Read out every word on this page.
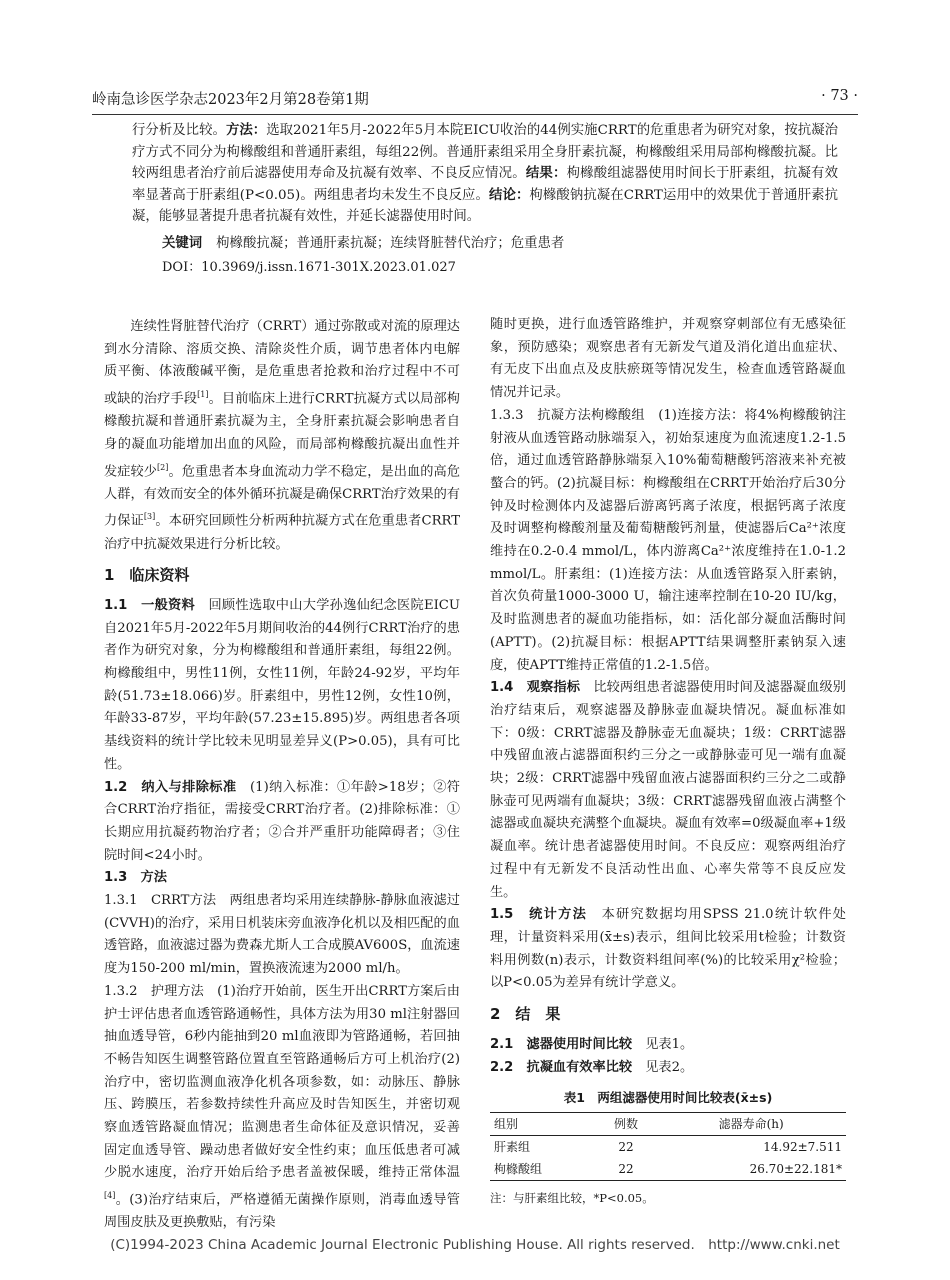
岭南急诊医学杂志2023年2月第28卷第1期	· 73 ·

行分析及比较。方法：选取2021年5月-2022年5月本院EICU收治的44例实施CRRT的危重患者为研究对象，按抗凝治疗方式不同分为枸橼酸组和普通肝素组，每组22例。普通肝素组采用全身肝素抗凝，枸橼酸组采用局部枸橼酸抗凝。比较两组患者治疗前后滤器使用寿命及抗凝有效率、不良反应情况。结果：枸橼酸组滤器使用时间长于肝素组，抗凝有效率显著高于肝素组(P<0.05)。两组患者均未发生不良反应。结论：枸橼酸钠抗凝在CRRT运用中的效果优于普通肝素抗凝，能够显著提升患者抗凝有效性，并延长滤器使用时间。

关键词 枸橼酸抗凝；普通肝素抗凝；连续肾脏替代治疗；危重患者
DOI：10.3969/j.issn.1671-301X.2023.01.027

连续性肾脏替代治疗（CRRT）通过弥散或对流的原理达到水分清除、溶质交换、清除炎性介质，调节患者体内电解质平衡、体液酸碱平衡，是危重患者抢救和治疗过程中不可或缺的治疗手段[1]。目前临床上进行CRRT抗凝方式以局部枸橼酸抗凝和普通肝素抗凝为主，全身肝素抗凝会影响患者自身的凝血功能增加出血的风险，而局部枸橼酸抗凝出血性并发症较少[2]。危重患者本身血流动力学不稳定，是出血的高危人群，有效而安全的体外循环抗凝是确保CRRT治疗效果的有力保证[3]。本研究回顾性分析两种抗凝方式在危重患者CRRT治疗中抗凝效果进行分析比较。

1　临床资料

1.1　一般资料　回顾性选取中山大学孙逸仙纪念医院EICU自2021年5月-2022年5月期间收治的44例行CRRT治疗的患者作为研究对象，分为枸橼酸组和普通肝素组，每组22例。枸橼酸组中，男性11例，女性11例，年龄24-92岁，平均年龄(51.73±18.066)岁。肝素组中，男性12例，女性10例，年龄33-87岁，平均年龄(57.23±15.895)岁。两组患者各项基线资料的统计学比较未见明显差异义(P>0.05)，具有可比性。

1.2　纳入与排除标准　(1)纳入标准：①年龄>18岁；②符合CRRT治疗指征，需接受CRRT治疗者。(2)排除标准：①长期应用抗凝药物治疗者；②合并严重肝功能障碍者；③住院时间<24小时。

1.3　方法

1.3.1　CRRT方法　两组患者均采用连续静脉-静脉血液滤过(CVVH)的治疗，采用日机装床旁血液净化机以及相匹配的血透管路，血液滤过器为费森尤斯人工合成膜AV600S，血流速度为150-200 ml/min，置换液流速为2000 ml/h。

1.3.2　护理方法　(1)治疗开始前，医生开出CRRT方案后由护士评估患者血透管路通畅性，具体方法为用30 ml注射器回抽血透导管，6秒内能抽到20 ml血液即为管路通畅，若回抽不畅告知医生调整管路位置直至管路通畅后方可上机治疗(2)治疗中，密切监测血液净化机各项参数，如：动脉压、静脉压、跨膜压，若参数持续性升高应及时告知医生，并密切观察血透管路凝血情况；监测患者生命体征及意识情况，妥善固定血透导管、躁动患者做好安全性约束；血压低患者可减少脱水速度，治疗开始后给予患者盖被保暖，维持正常体温[4]。(3)治疗结束后，严格遵循无菌操作原则，消毒血透导管周围皮肤及更换敷贴，有污染

随时更换，进行血透管路维护，并观察穿刺部位有无感染征象，预防感染；观察患者有无新发气道及消化道出血症状、有无皮下出血点及皮肤瘀斑等情况发生，检查血透管路凝血情况并记录。

1.3.3　抗凝方法枸橼酸组　(1)连接方法：将4%枸橼酸钠注射液从血透管路动脉端泵入，初始泵速度为血流速度1.2-1.5倍，通过血透管路静脉端泵入10%葡萄糖酸钙溶液来补充被螯合的钙。(2)抗凝目标：枸橼酸组在CRRT开始治疗后30分钟及时检测体内及滤器后游离钙离子浓度，根据钙离子浓度及时调整枸橼酸剂量及葡萄糖酸钙剂量，使滤器后Ca²⁺浓度维持在0.2-0.4 mmol/L，体内游离Ca²⁺浓度维持在1.0-1.2 mmol/L。肝素组：(1)连接方法：从血透管路泵入肝素钠，首次负荷量1000-3000 U，输注速率控制在10-20 IU/kg，及时监测患者的凝血功能指标，如：活化部分凝血活酶时间(APTT)。(2)抗凝目标：根据APTT结果调整肝素钠泵入速度，使APTT维持正常值的1.2-1.5倍。

1.4　观察指标　比较两组患者滤器使用时间及滤器凝血级别治疗结束后，观察滤器及静脉壶血凝块情况。凝血标准如下：0级：CRRT滤器及静脉壶无血凝块；1级：CRRT滤器中残留血液占滤器面积约三分之一或静脉壶可见一端有血凝块；2级：CRRT滤器中残留血液占滤器面积约三分之二或静脉壶可见两端有血凝块；3级：CRRT滤器残留血液占满整个滤器或血凝块充满整个血凝块。凝血有效率=0级凝血率+1级凝血率。统计患者滤器使用时间。不良反应：观察两组治疗过程中有无新发不良活动性出血、心率失常等不良反应发生。

1.5　统计方法　本研究数据均用SPSS 21.0统计软件处理，计量资料采用(x̄±s)表示，组间比较采用t检验；计数资料用例数(n)表示，计数资料组间率(%)的比较采用χ²检验；以P<0.05为差异有统计学意义。

2　结　果

2.1　滤器使用时间比较　见表1。

2.2　抗凝血有效率比较　见表2。

表1　两组滤器使用时间比较表(x̄±s)

组别	例数	滤器寿命(h)
肝素组	22	14.92±7.511
枸橼酸组	22	26.70±22.181*

注：与肝素组比较，*P<0.05。

(C)1994-2023 China Academic Journal Electronic Publishing House. All rights reserved.　http://www.cnki.net
